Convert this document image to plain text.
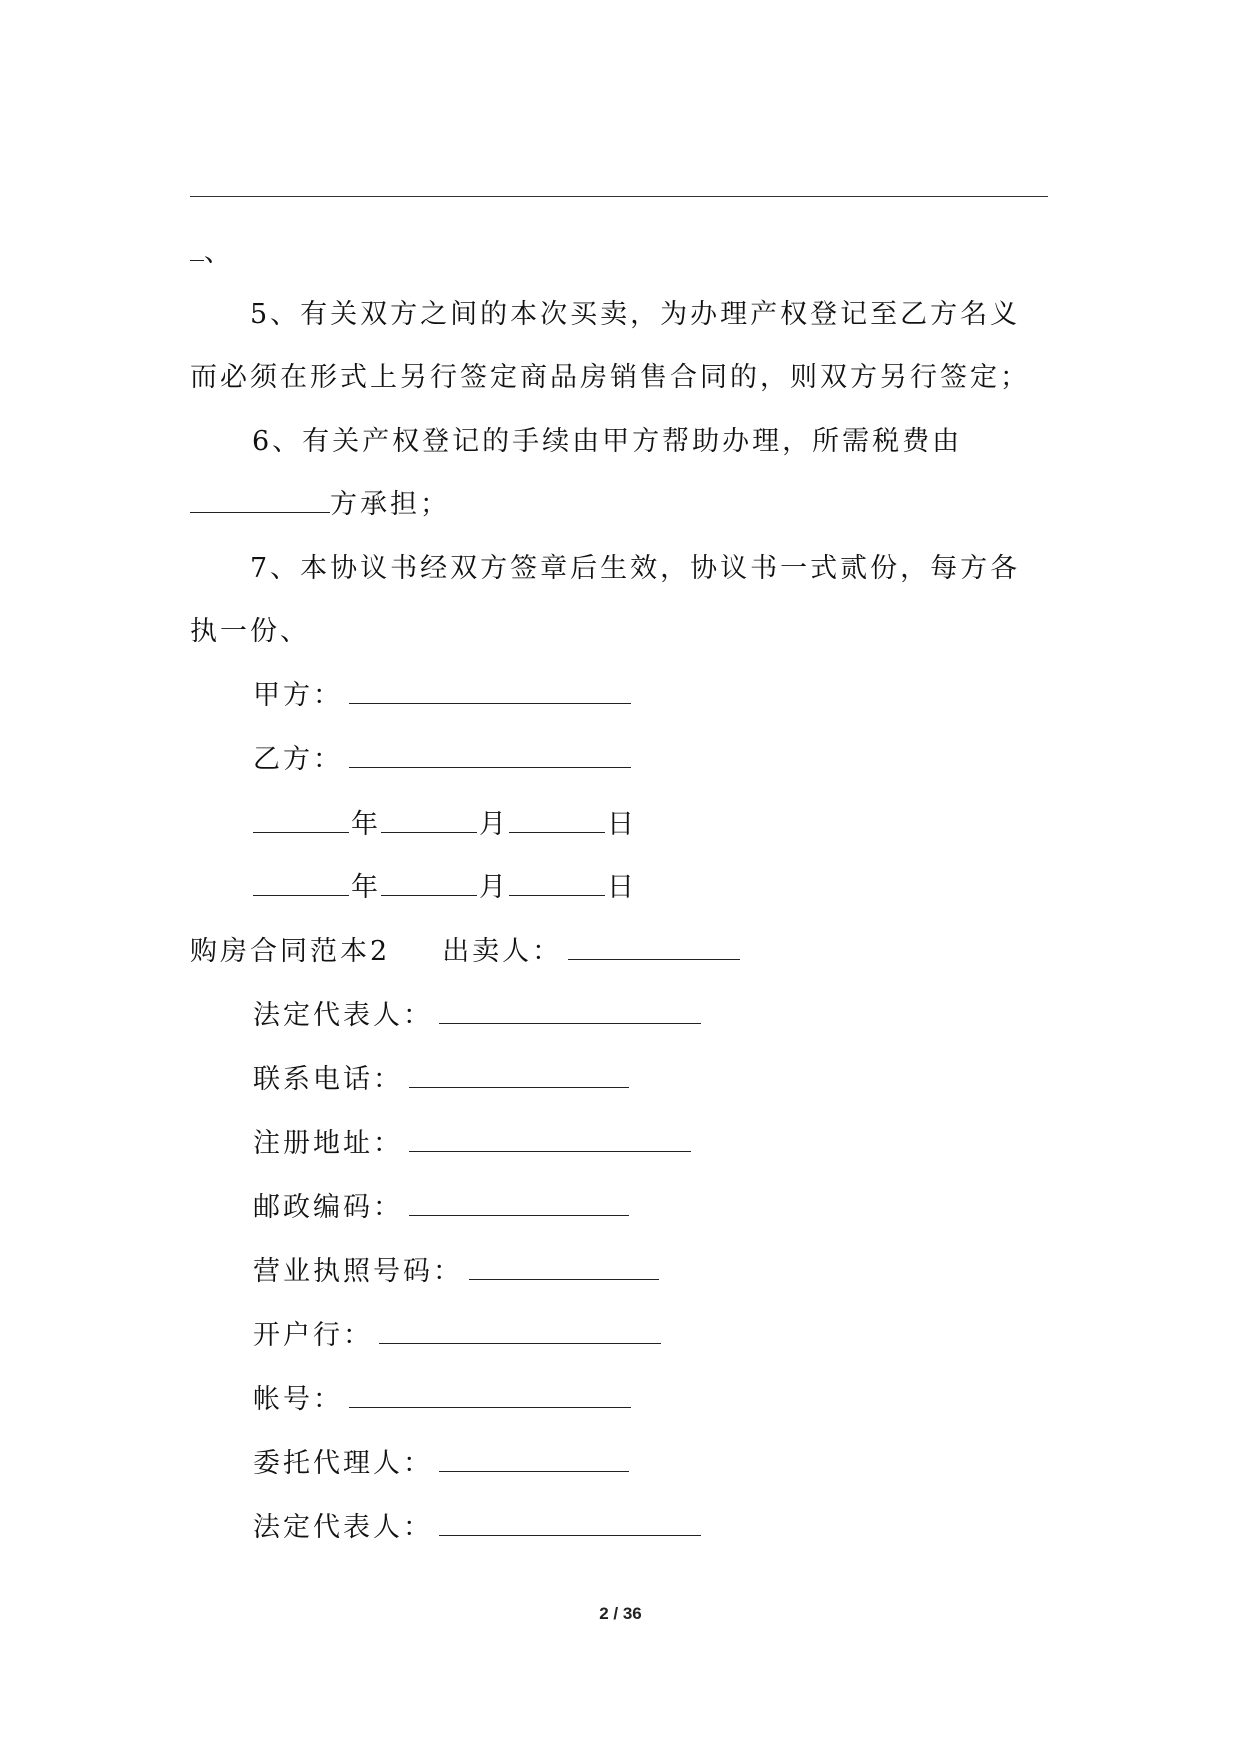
、
5、有关双方之间的本次买卖，为办理产权登记至乙方名义
而必须在形式上另行签定商品房销售合同的，则双方另行签定；
6、有关产权登记的手续由甲方帮助办理，所需税费由
方承担；
7、本协议书经双方签章后生效，协议书一式贰份，每方各
执一份、
甲方：
乙方：
年	月	日
年	月	日
购房合同范本2 出卖人：
法定代表人：
联系电话：
注册地址：
邮政编码：
营业执照号码：
开户行：
帐号：
委托代理人：
法定代表人：
2 / 36
